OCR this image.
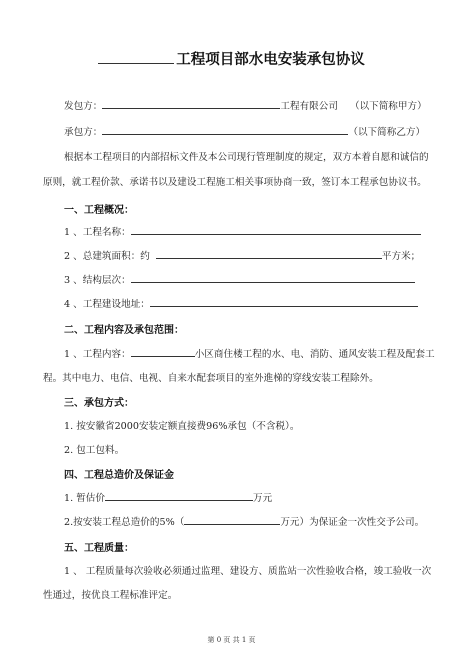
工程项目部水电安装承包协议
发包方：	工程有限公司 （以下简称甲方）
承包方：	（以下简称乙方）
根据本工程项目的内部招标文件及本公司现行管理制度的规定，双方本着自愿和诚信的
原则，就工程价款、承诺书以及建设工程施工相关事项协商一致，签订本工程承包协议书。
一、工程概况：
1 、工程名称：
2 、总建筑面积：约	平方米；
3 、结构层次：
4 、工程建设地址：
二、工程内容及承包范围：
1 、工程内容：	小区商住楼工程的水、电、消防、通风安装工程及配套工
程。其中电力、电信、电视、自来水配套项目的室外進梯的穿线安装工程除外。
三、承包方式：
1. 按安徽省2000安装定额直接费96%承包（不含税）。
2. 包工包料。
四、工程总造价及保证金
1. 暂估价	万元
2.按安装工程总造价的5%（	万元）为保证金一次性交予公司。
五、工程质量：
1 、 工程质量每次验收必须通过监理、建设方、质监站一次性验收合格，竣工验收一次
性通过，按优良工程标准评定。
第 0 页 共 1 页
